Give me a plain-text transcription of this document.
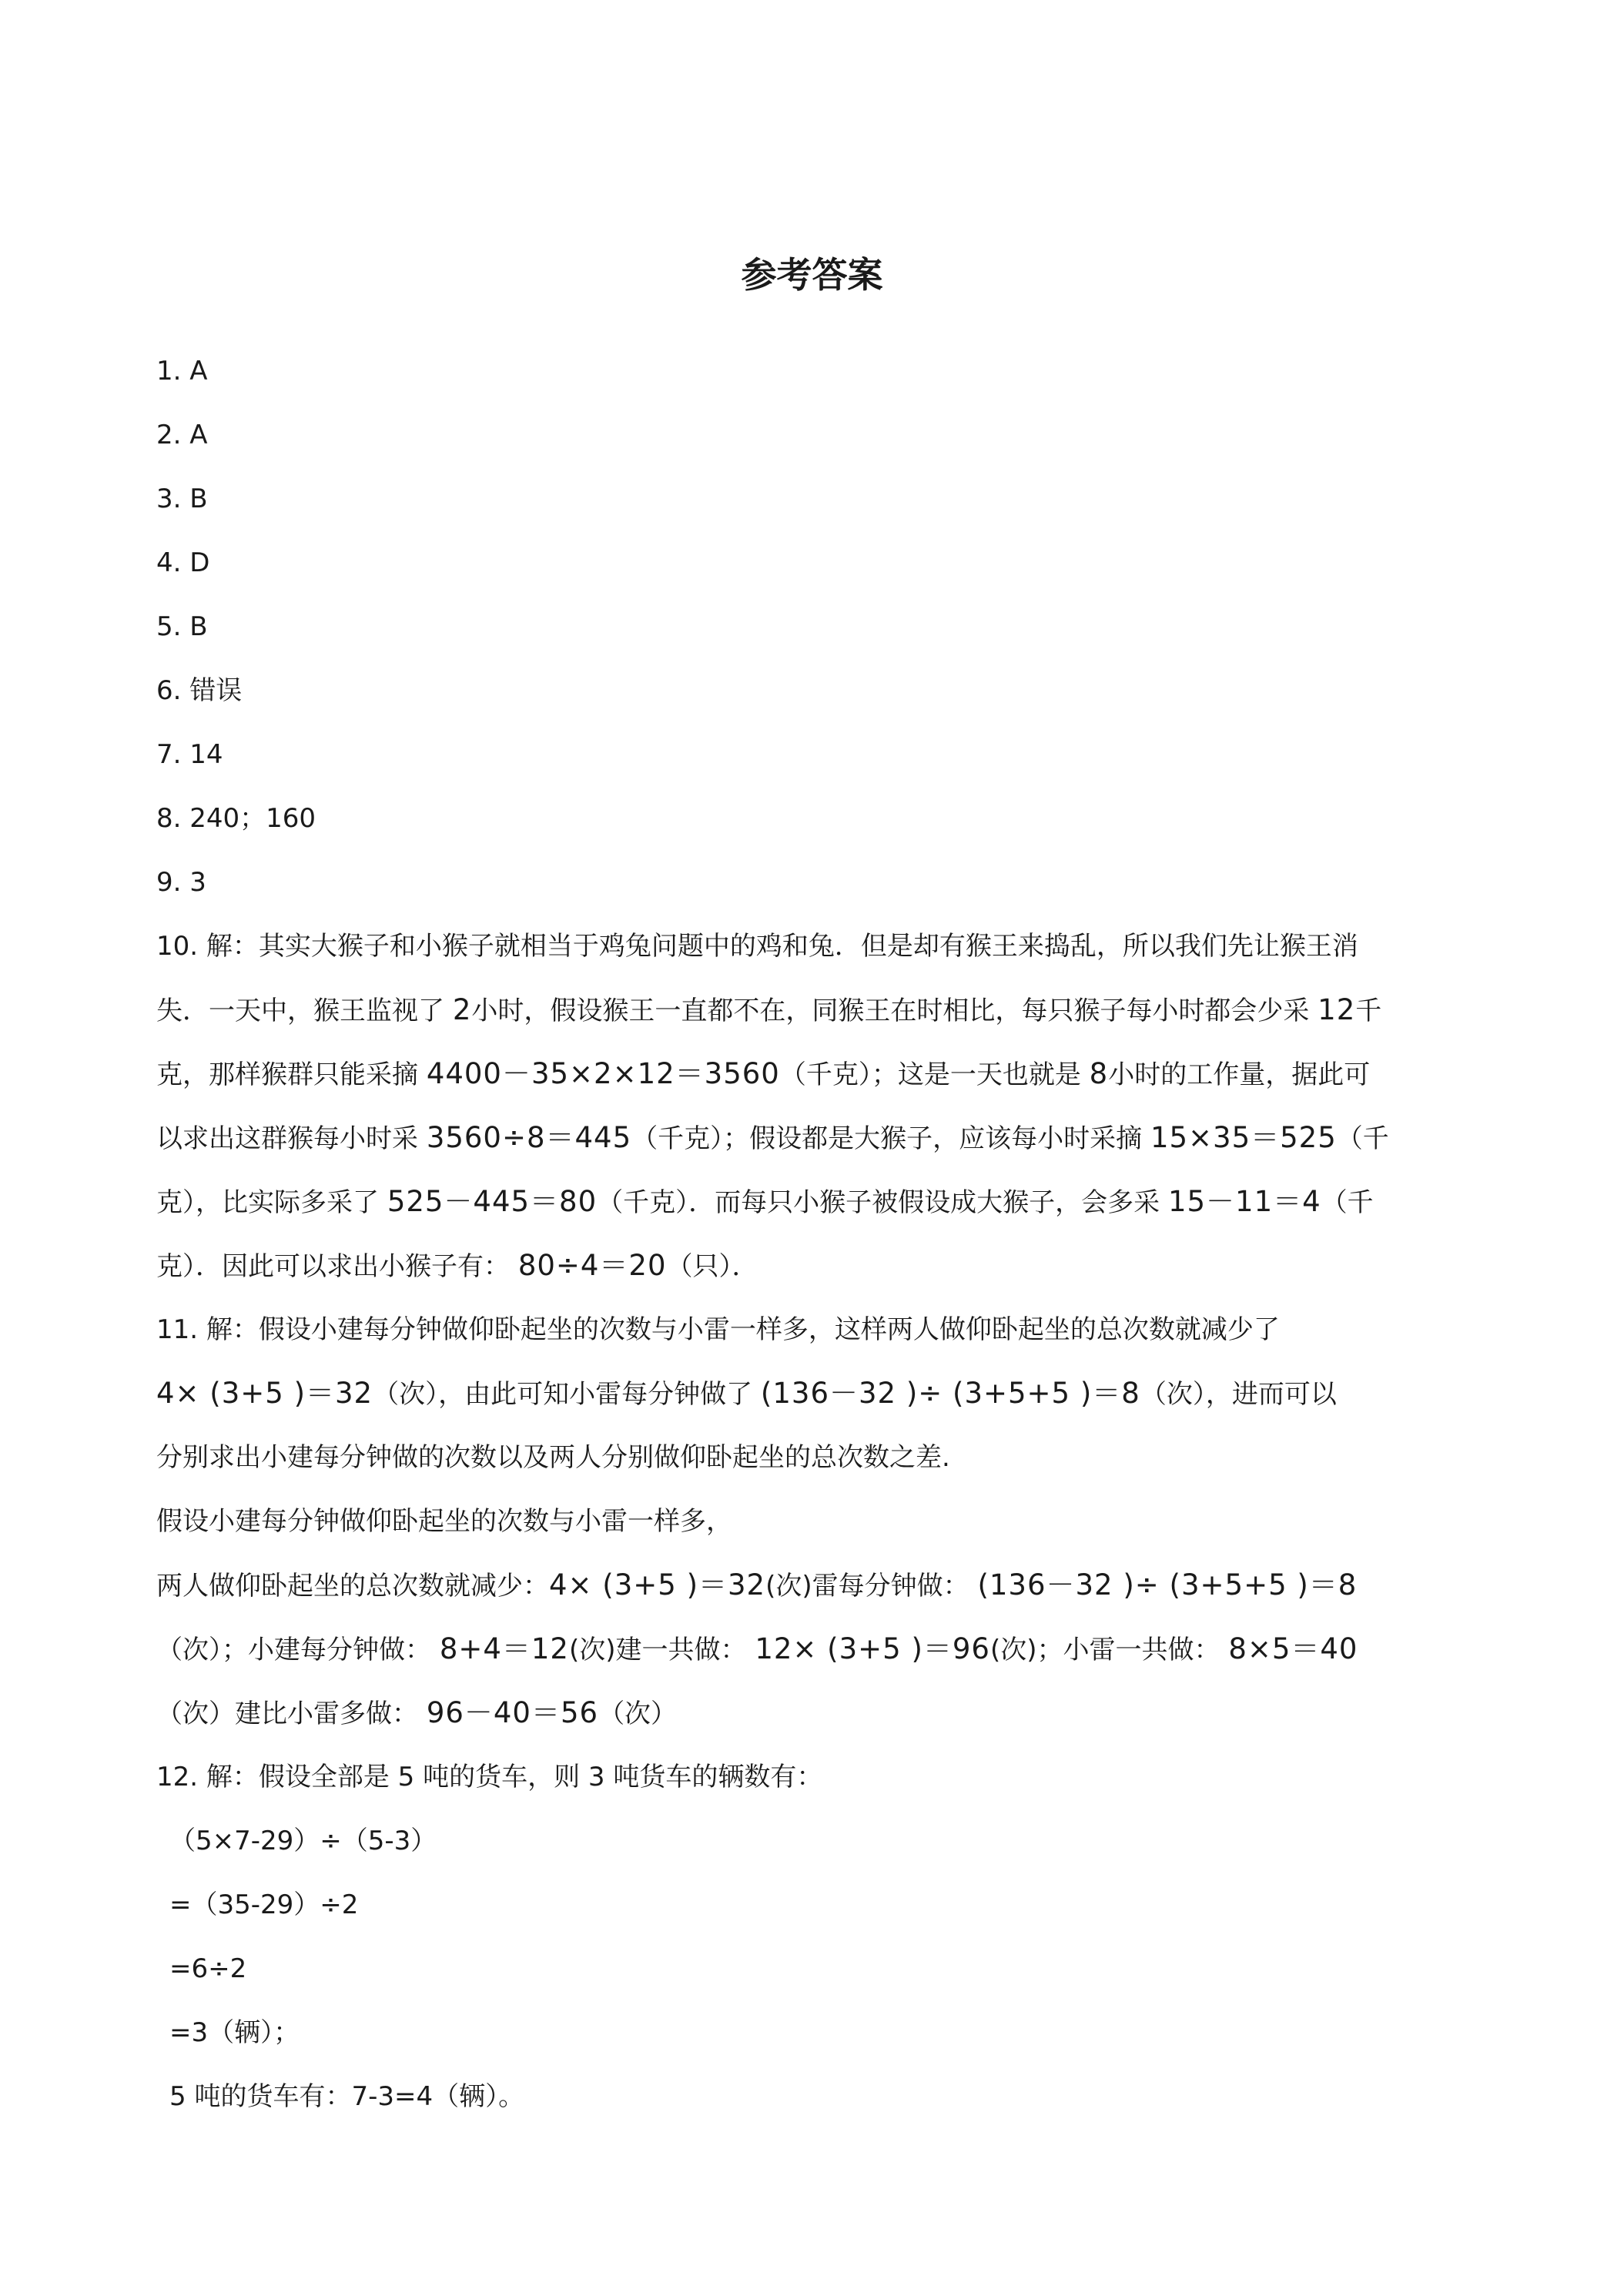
参考答案
1. A
2. A
3. B
4. D
5. B
6. 错误
7. 14
8. 240；160
9. 3
10. 解：其实大猴子和小猴子就相当于鸡兔问题中的鸡和兔．但是却有猴王来捣乱，所以我们先让猴王消
失．一天中，猴王监视了 2小时，假设猴王一直都不在，同猴王在时相比，每只猴子每小时都会少采 12千
克，那样猴群只能采摘 4400－35×2×12＝3560（千克）；这是一天也就是 8小时的工作量，据此可
以求出这群猴每小时采 3560÷8＝445（千克）；假设都是大猴子，应该每小时采摘 15×35＝525（千
克），比实际多采了 525－445＝80（千克）．而每只小猴子被假设成大猴子，会多采 15－11＝4（千
克）．因此可以求出小猴子有： 80÷4＝20（只）．
11. 解：假设小建每分钟做仰卧起坐的次数与小雷一样多，这样两人做仰卧起坐的总次数就减少了
4× (3+5 )＝32（次），由此可知小雷每分钟做了 (136－32 )÷ (3+5+5 )＝8（次），进而可以
分别求出小建每分钟做的次数以及两人分别做仰卧起坐的总次数之差.
假设小建每分钟做仰卧起坐的次数与小雷一样多，
两人做仰卧起坐的总次数就减少：4× (3+5 )＝32(次)雷每分钟做： (136－32 )÷ (3+5+5 )＝8
（次）；小建每分钟做： 8+4＝12(次)建一共做： 12× (3+5 )＝96(次)；小雷一共做： 8×5＝40
（次）建比小雷多做： 96－40＝56（次）
12. 解：假设全部是 5 吨的货车，则 3 吨货车的辆数有：
（5×7-29）÷（5-3）
=（35-29）÷2
=6÷2
=3（辆）；
5 吨的货车有：7-3=4（辆）。
